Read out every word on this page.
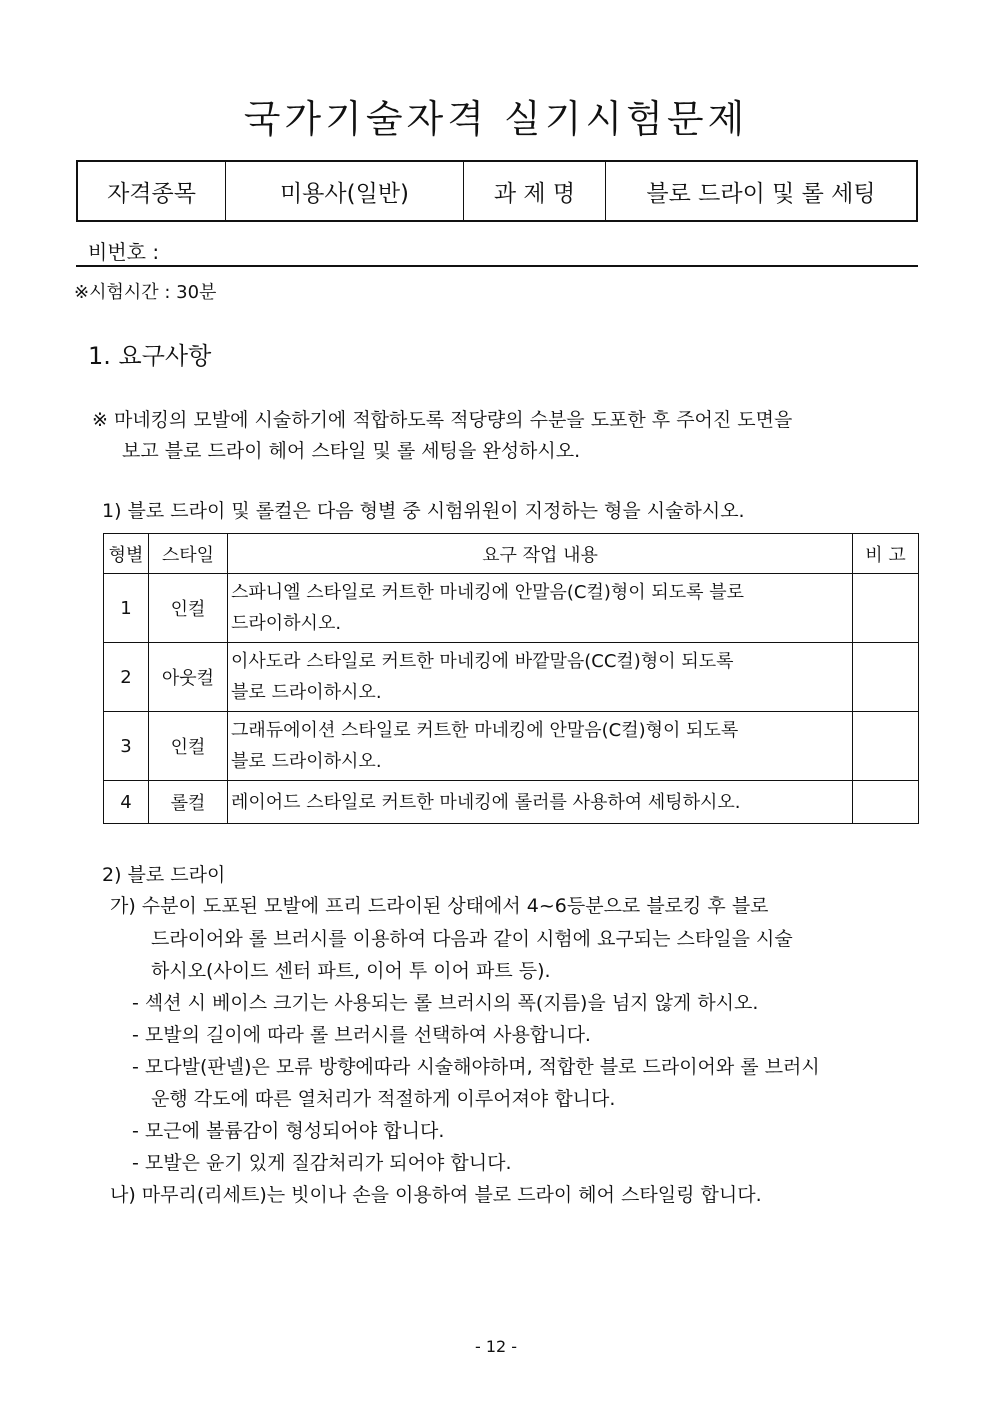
국가기술자격 실기시험문제
자격종목	미용사(일반)	과 제 명	블로 드라이 및 롤 세팅
비번호 :
※시험시간 : 30분
1. 요구사항
※ 마네킹의 모발에 시술하기에 적합하도록 적당량의 수분을 도포한 후 주어진 도면을
보고 블로 드라이 헤어 스타일 및 롤 세팅을 완성하시오.
1) 블로 드라이 및 롤컬은 다음 형별 중 시험위원이 지정하는 형을 시술하시오.
형별	스타일	요구 작업 내용	비 고
1	인컬	스파니엘 스타일로 커트한 마네킹에 안말음(C컬)형이 되도록 블로
드라이하시오.	
2	아웃컬	이사도라 스타일로 커트한 마네킹에 바깥말음(CC컬)형이 되도록
블로 드라이하시오.	
3	인컬	그래듀에이션 스타일로 커트한 마네킹에 안말음(C컬)형이 되도록
블로 드라이하시오.	
4	롤컬	레이어드 스타일로 커트한 마네킹에 롤러를 사용하여 세팅하시오.	
2) 블로 드라이
가) 수분이 도포된 모발에 프리 드라이된 상태에서 4~6등분으로 블로킹 후 블로
드라이어와 롤 브러시를 이용하여 다음과 같이 시험에 요구되는 스타일을 시술
하시오(사이드 센터 파트, 이어 투 이어 파트 등).
- 섹션 시 베이스 크기는 사용되는 롤 브러시의 폭(지름)을 넘지 않게 하시오.
- 모발의 길이에 따라 롤 브러시를 선택하여 사용합니다.
- 모다발(판넬)은 모류 방향에따라 시술해야하며, 적합한 블로 드라이어와 롤 브러시
운행 각도에 따른 열처리가 적절하게 이루어져야 합니다.
- 모근에 볼륨감이 형성되어야 합니다.
- 모발은 윤기 있게 질감처리가 되어야 합니다.
나) 마무리(리세트)는 빗이나 손을 이용하여 블로 드라이 헤어 스타일링 합니다.
- 12 -
